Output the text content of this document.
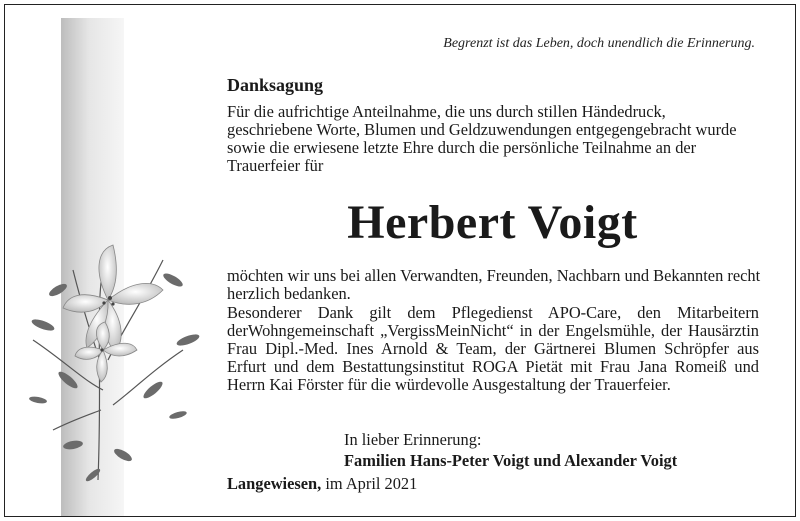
Begrenzt ist das Leben, doch unendlich die Erinnerung.
Danksagung
Für die aufrichtige Anteilnahme, die uns durch stillen Händedruck, geschriebene Worte, Blumen und Geldzuwendungen entgegengebracht wurde sowie die erwiesene letzte Ehre durch die persönliche Teilnahme an der Trauerfeier für
Herbert Voigt
möchten wir uns bei allen Verwandten, Freunden, Nachbarn und Bekannten recht herzlich bedanken.
Besonderer Dank gilt dem Pflegedienst APO-Care, den Mitarbeitern derWohngemeinschaft „VergissMeinNicht“ in der Engelsmühle, der Hausärztin Frau Dipl.-Med. Ines Arnold & Team, der Gärtnerei Blumen Schröpfer aus Erfurt und dem Bestattungsinstitut ROGA Pietät mit Frau Jana Romeiß und Herrn Kai Förster für die würdevolle Ausgestaltung der Trauerfeier.
In lieber Erinnerung:
Familien Hans-Peter Voigt und Alexander Voigt
Langewiesen, im April 2021
